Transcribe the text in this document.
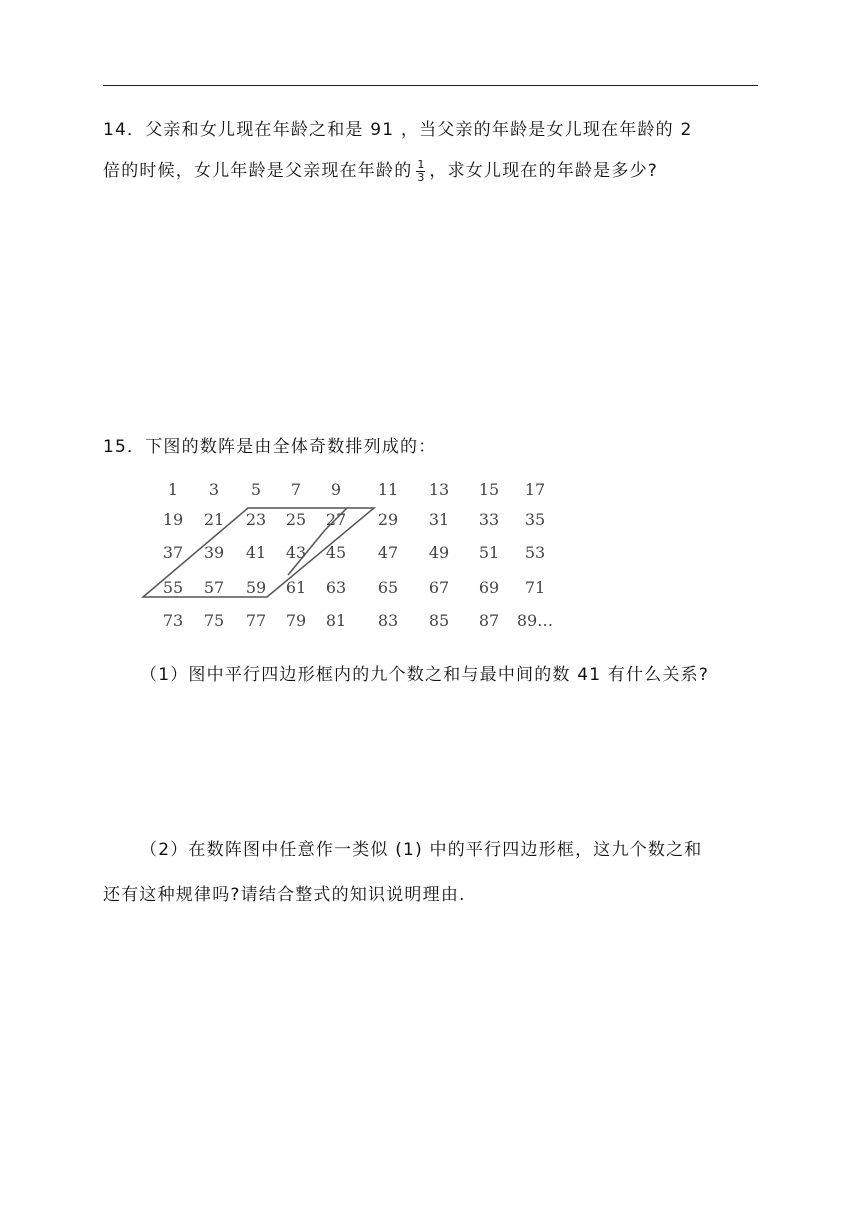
14．父亲和女儿现在年龄之和是 91 ，当父亲的年龄是女儿现在年龄的 2
倍的时候，女儿年龄是父亲现在年龄的 $\frac{1}{3}$ ，求女儿现在的年龄是多少?
15．下图的数阵是由全体奇数排列成的：
1 3 5 7 9 11 13 15 17
19 21 23 25 27 29 31 33 35
37 39 41 43 45 47 49 51 53
55 57 59 61 63 65 67 69 71
73 75 77 79 81 83 85 87 89…
（1）图中平行四边形框内的九个数之和与最中间的数 41 有什么关系?
（2）在数阵图中任意作一类似 (1) 中的平行四边形框，这九个数之和
还有这种规律吗?请结合整式的知识说明理由.
